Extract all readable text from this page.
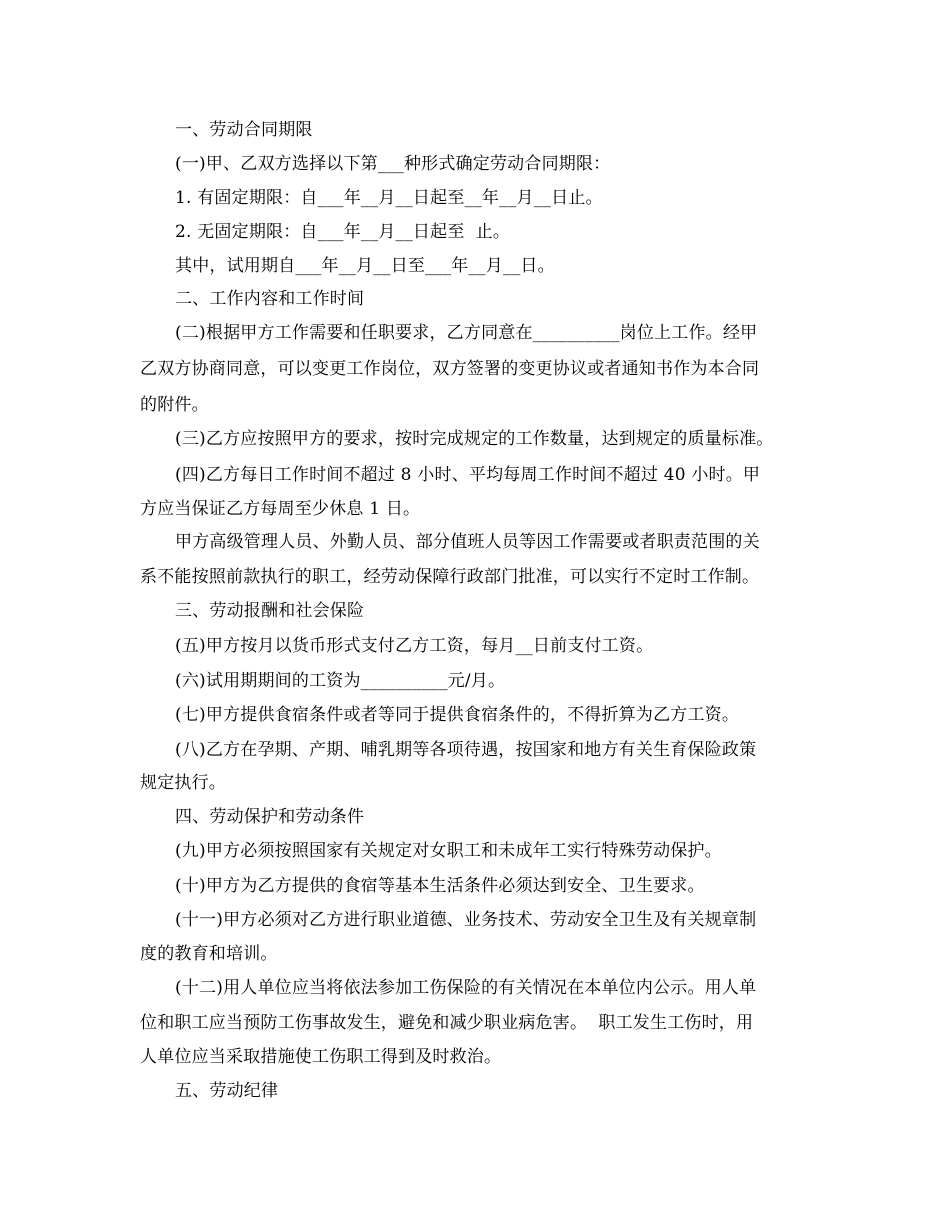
一、劳动合同期限
(一)甲、乙双方选择以下第___种形式确定劳动合同期限：
1. 有固定期限：自___年__月__日起至__年__月__日止。
2. 无固定期限：自___年__月__日起至  止。
其中，试用期自___年__月__日至___年__月__日。
二、工作内容和工作时间
(二)根据甲方工作需要和任职要求，乙方同意在__________岗位上工作。经甲
乙双方协商同意，可以变更工作岗位，双方签署的变更协议或者通知书作为本合同
的附件。
(三)乙方应按照甲方的要求，按时完成规定的工作数量，达到规定的质量标准。
(四)乙方每日工作时间不超过 8 小时、平均每周工作时间不超过 40 小时。甲
方应当保证乙方每周至少休息 1 日。
甲方高级管理人员、外勤人员、部分值班人员等因工作需要或者职责范围的关
系不能按照前款执行的职工，经劳动保障行政部门批准，可以实行不定时工作制。
三、劳动报酬和社会保险
(五)甲方按月以货币形式支付乙方工资，每月__日前支付工资。
(六)试用期期间的工资为__________元/月。
(七)甲方提供食宿条件或者等同于提供食宿条件的，不得折算为乙方工资。
(八)乙方在孕期、产期、哺乳期等各项待遇，按国家和地方有关生育保险政策
规定执行。
四、劳动保护和劳动条件
(九)甲方必须按照国家有关规定对女职工和未成年工实行特殊劳动保护。
(十)甲方为乙方提供的食宿等基本生活条件必须达到安全、卫生要求。
(十一)甲方必须对乙方进行职业道德、业务技术、劳动安全卫生及有关规章制
度的教育和培训。
(十二)用人单位应当将依法参加工伤保险的有关情况在本单位内公示。用人单
位和职工应当预防工伤事故发生，避免和减少职业病危害。  职工发生工伤时，用
人单位应当采取措施使工伤职工得到及时救治。
五、劳动纪律
